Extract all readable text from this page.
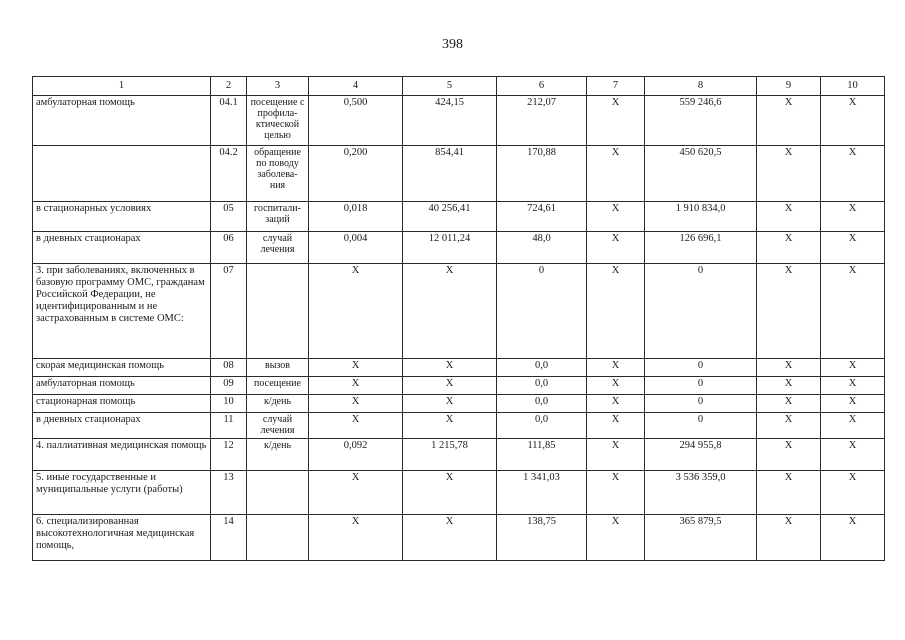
398
1	2	3	4	5	6	7	8	9	10
амбулаторная помощь	04.1	посещение с профила-ктической целью	0,500	424,15	212,07	Х	559 246,6	Х	Х
	04.2	обращение по поводу заболева-ния	0,200	854,41	170,88	Х	450 620,5	Х	Х
в стационарных условиях	05	госпитали-заций	0,018	40 256,41	724,61	Х	1 910 834,0	Х	Х
в дневных стационарах	06	случай лечения	0,004	12 011,24	48,0	Х	126 696,1	Х	Х
3. при заболеваниях, включенных в базовую программу ОМС, гражданам Российской Федерации, не идентифицированным и не застрахованным в системе ОМС:	07		Х	Х	0	Х	0	Х	Х
скорая медицинская помощь	08	вызов	Х	Х	0,0	Х	0	Х	Х
амбулаторная помощь	09	посещение	Х	Х	0,0	Х	0	Х	Х
стационарная помощь	10	к/день	Х	Х	0,0	Х	0	Х	Х
в дневных стационарах	11	случай лечения	Х	Х	0,0	Х	0	Х	Х
4. паллиативная медицинская помощь	12	к/день	0,092	1 215,78	111,85	Х	294 955,8	Х	Х
5. иные государственные и муниципальные услуги (работы)	13		Х	Х	1 341,03	Х	3 536 359,0	Х	Х
6. специализированная высокотехнологичная медицинская помощь,	14		Х	Х	138,75	Х	365 879,5	Х	Х
